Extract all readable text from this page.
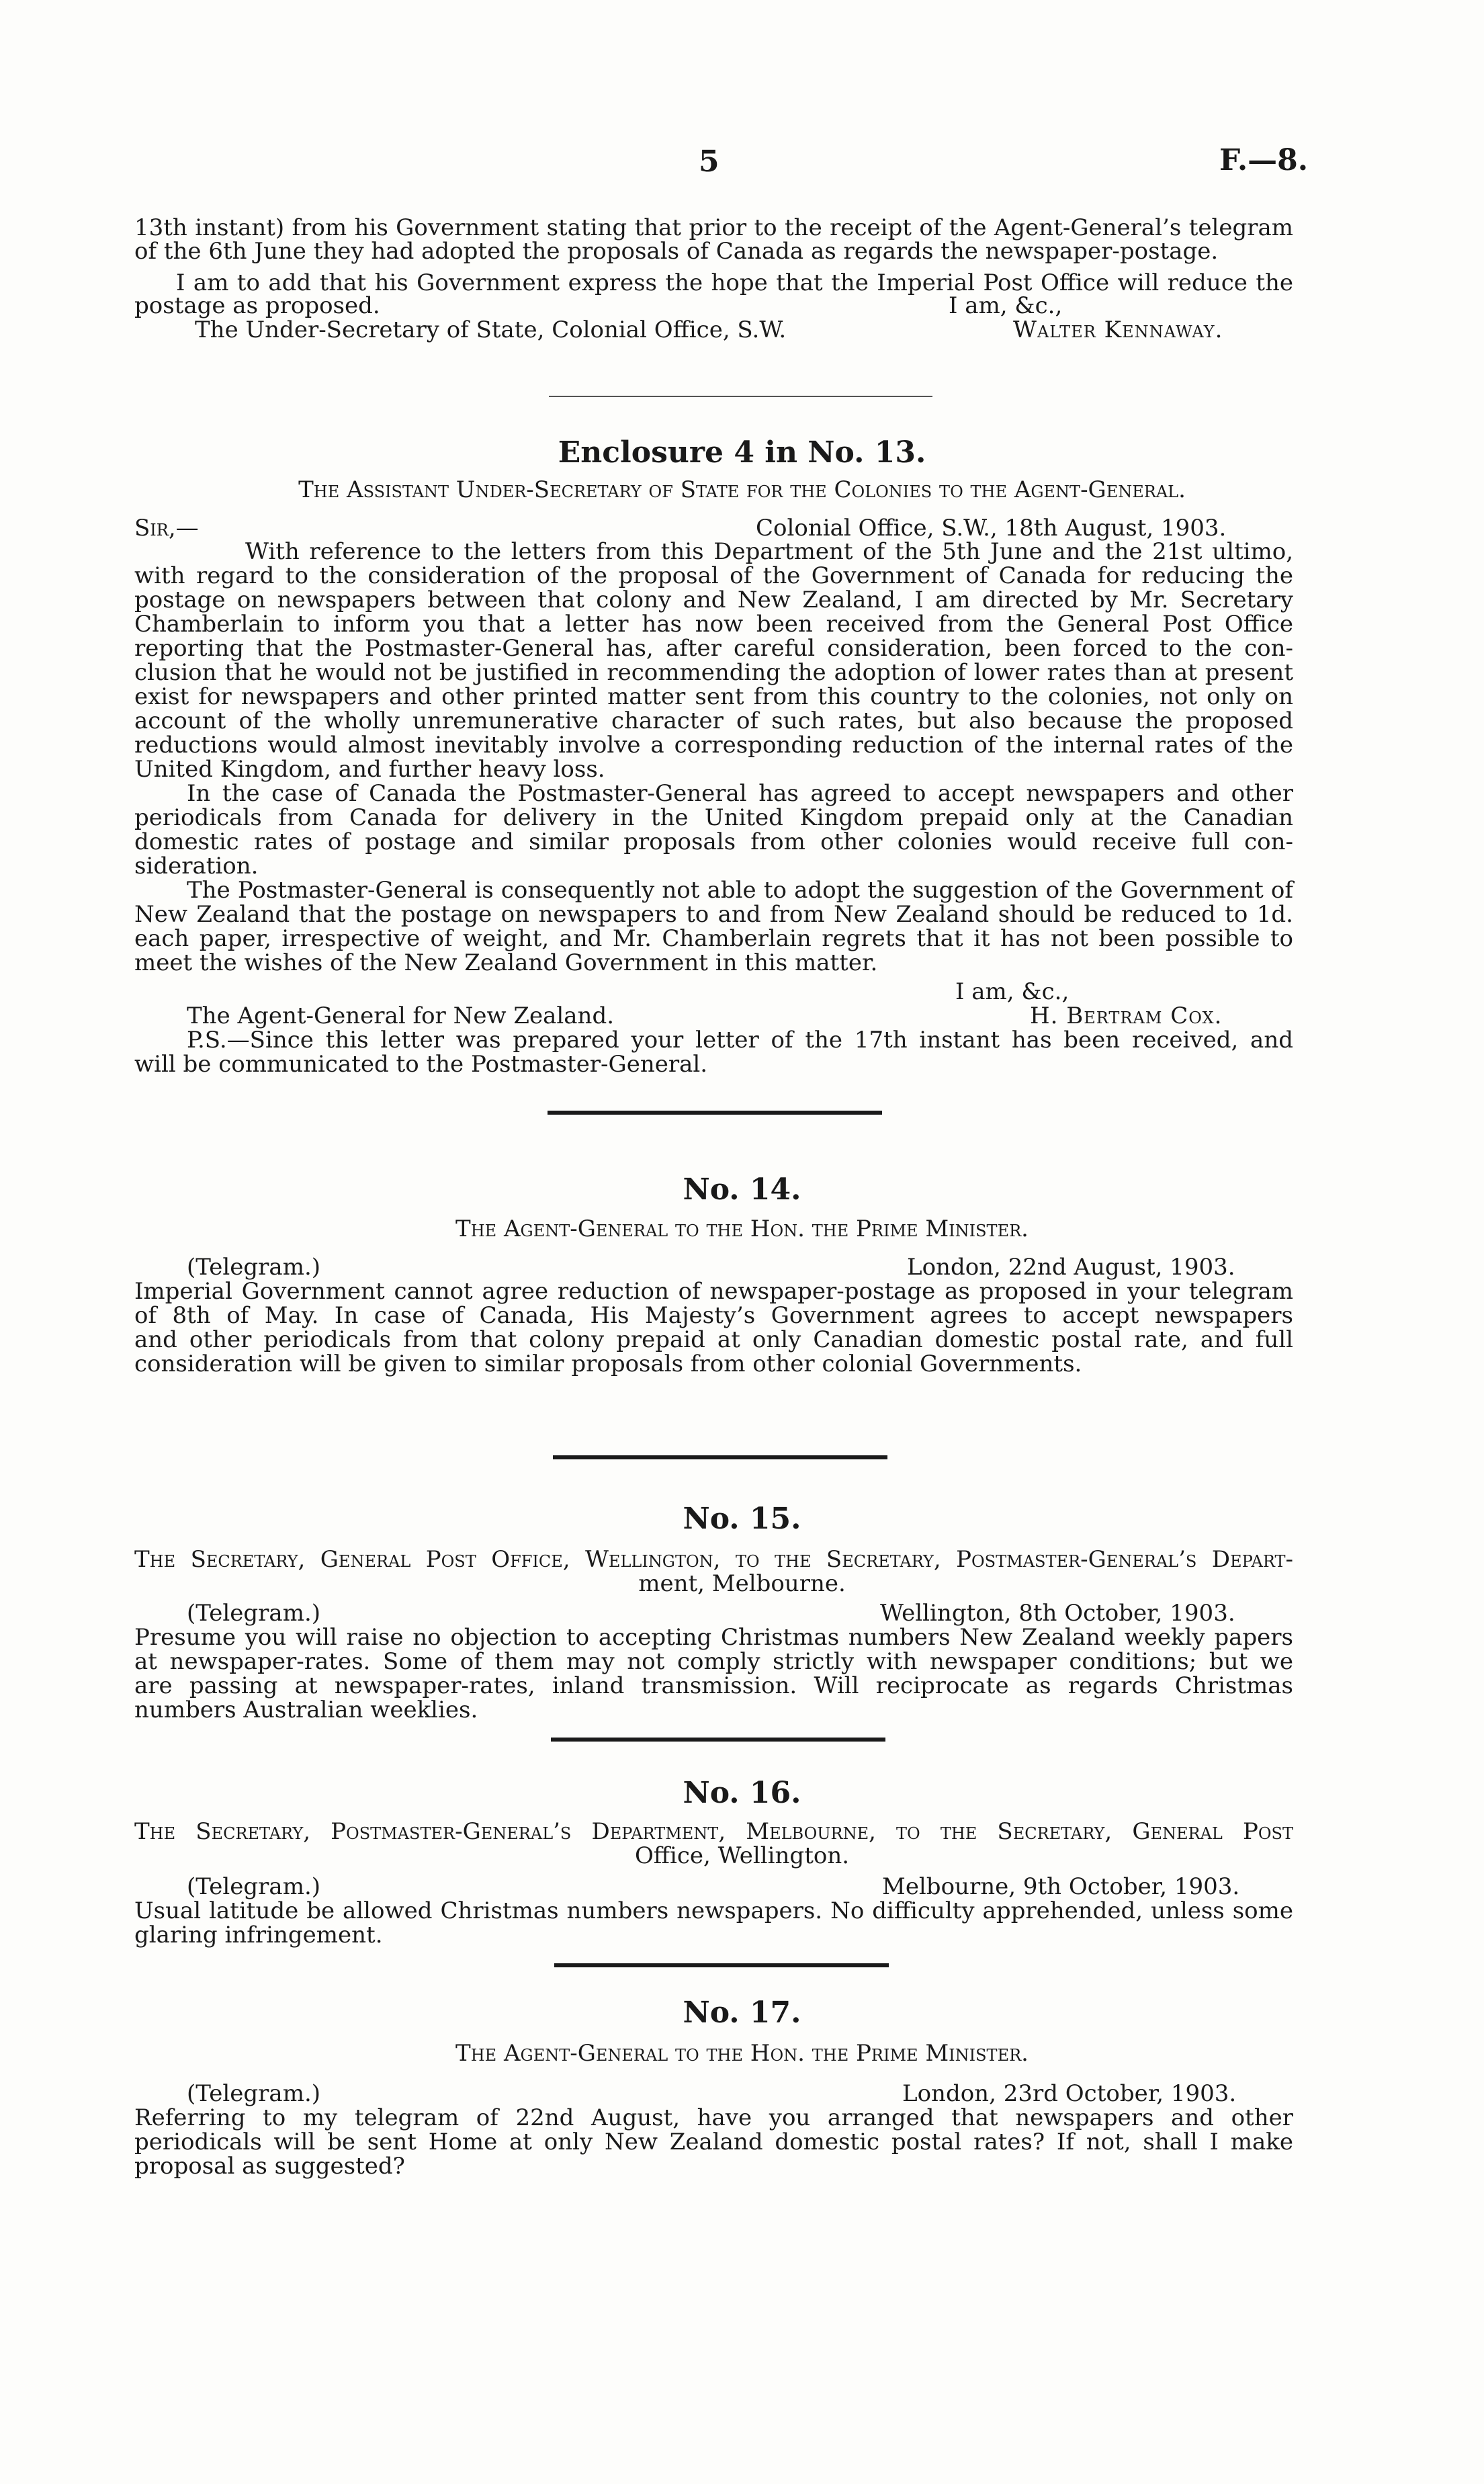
5	F.—8.
13th instant) from his Government stating that prior to the receipt of the Agent-General’s telegram
of the 6th June they had adopted the proposals of Canada as regards the newspaper-postage.
I am to add that his Government express the hope that the Imperial Post Office will reduce the
postage as proposed.	I am, &c.,
The Under-Secretary of State, Colonial Office, S.W.	Walter Kennaway.
Enclosure 4 in No. 13.
The Assistant Under-Secretary of State for the Colonies to the Agent-General.
Sir,—	Colonial Office, S.W., 18th August, 1903.
With reference to the letters from this Department of the 5th June and the 21st ultimo,
with regard to the consideration of the proposal of the Government of Canada for reducing the
postage on newspapers between that colony and New Zealand, I am directed by Mr. Secretary
Chamberlain to inform you that a letter has now been received from the General Post Office
reporting that the Postmaster-General has, after careful consideration, been forced to the con-
clusion that he would not be justified in recommending the adoption of lower rates than at present
exist for newspapers and other printed matter sent from this country to the colonies, not only on
account of the wholly unremunerative character of such rates, but also because the proposed
reductions would almost inevitably involve a corresponding reduction of the internal rates of the
United Kingdom, and further heavy loss.
In the case of Canada the Postmaster-General has agreed to accept newspapers and other
periodicals from Canada for delivery in the United Kingdom prepaid only at the Canadian
domestic rates of postage and similar proposals from other colonies would receive full con-
sideration.
The Postmaster-General is consequently not able to adopt the suggestion of the Government of
New Zealand that the postage on newspapers to and from New Zealand should be reduced to 1d.
each paper, irrespective of weight, and Mr. Chamberlain regrets that it has not been possible to
meet the wishes of the New Zealand Government in this matter.
I am, &c.,
The Agent-General for New Zealand.	H. Bertram Cox.
P.S.—Since this letter was prepared your letter of the 17th instant has been received, and
will be communicated to the Postmaster-General.
No. 14.
The Agent-General to the Hon. the Prime Minister.
(Telegram.)	London, 22nd August, 1903.
Imperial Government cannot agree reduction of newspaper-postage as proposed in your telegram
of 8th of May. In case of Canada, His Majesty’s Government agrees to accept newspapers
and other periodicals from that colony prepaid at only Canadian domestic postal rate, and full
consideration will be given to similar proposals from other colonial Governments.
No. 15.
The Secretary, General Post Office, Wellington, to the Secretary, Postmaster-General’s Depart-
ment, Melbourne.
(Telegram.)	Wellington, 8th October, 1903.
Presume you will raise no objection to accepting Christmas numbers New Zealand weekly papers
at newspaper-rates. Some of them may not comply strictly with newspaper conditions; but we
are passing at newspaper-rates, inland transmission. Will reciprocate as regards Christmas
numbers Australian weeklies.
No. 16.
The Secretary, Postmaster-General’s Department, Melbourne, to the Secretary, General Post
Office, Wellington.
(Telegram.)	Melbourne, 9th October, 1903.
Usual latitude be allowed Christmas numbers newspapers. No difficulty apprehended, unless some
glaring infringement.
No. 17.
The Agent-General to the Hon. the Prime Minister.
(Telegram.)	London, 23rd October, 1903.
Referring to my telegram of 22nd August, have you arranged that newspapers and other
periodicals will be sent Home at only New Zealand domestic postal rates? If not, shall I make
proposal as suggested?
